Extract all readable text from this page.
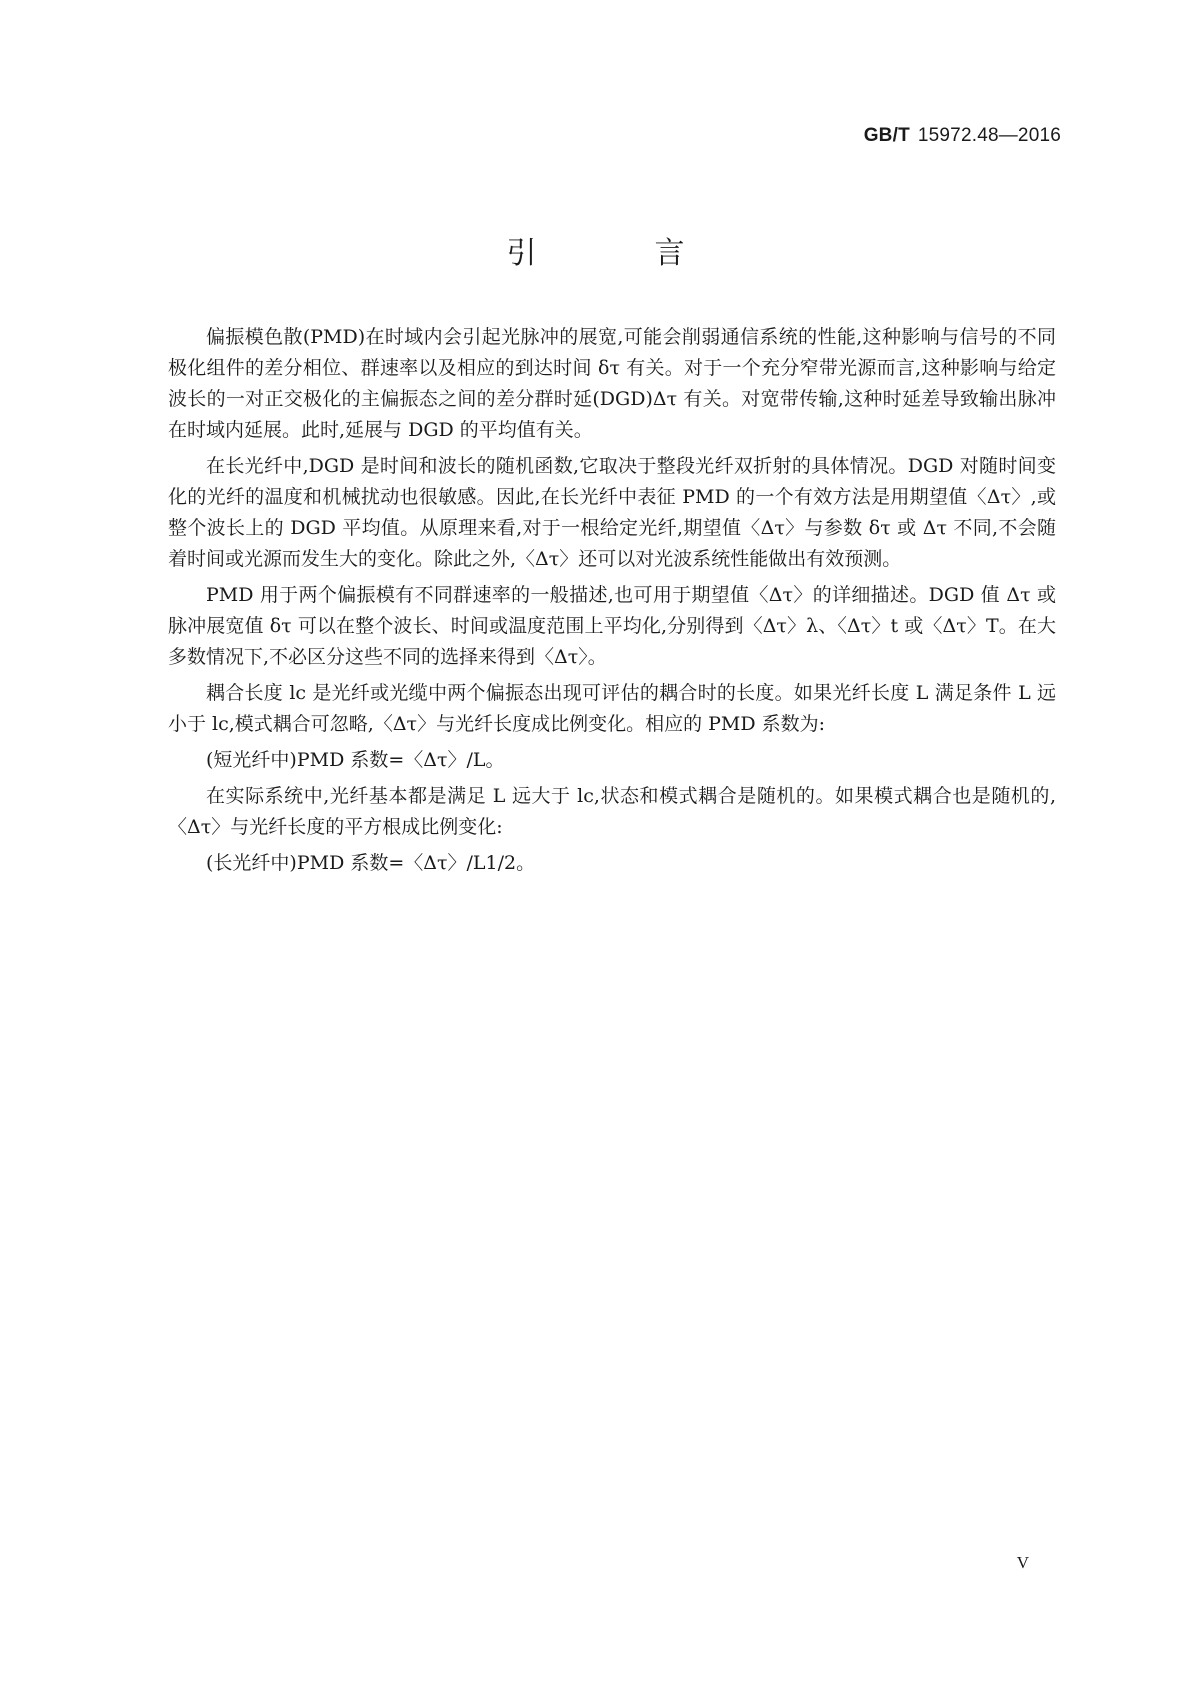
GB/T 15972.48—2016
引　言

偏振模色散(PMD)在时域内会引起光脉冲的展宽,可能会削弱通信系统的性能,这种影响与信号的不同极化组件的差分相位、群速率以及相应的到达时间 δτ 有关。对于一个充分窄带光源而言,这种影响与给定波长的一对正交极化的主偏振态之间的差分群时延(DGD)Δτ 有关。对宽带传输,这种时延差导致输出脉冲在时域内延展。此时,延展与 DGD 的平均值有关。

在长光纤中,DGD 是时间和波长的随机函数,它取决于整段光纤双折射的具体情况。DGD 对随时间变化的光纤的温度和机械扰动也很敏感。因此,在长光纤中表征 PMD 的一个有效方法是用期望值〈Δτ〉,或整个波长上的 DGD 平均值。从原理来看,对于一根给定光纤,期望值〈Δτ〉与参数 δτ 或 Δτ 不同,不会随着时间或光源而发生大的变化。除此之外,〈Δτ〉还可以对光波系统性能做出有效预测。

PMD 用于两个偏振模有不同群速率的一般描述,也可用于期望值〈Δτ〉的详细描述。DGD 值 Δτ 或脉冲展宽值 δτ 可以在整个波长、时间或温度范围上平均化,分别得到〈Δτ〉λ、〈Δτ〉t 或〈Δτ〉T。在大多数情况下,不必区分这些不同的选择来得到〈Δτ〉。

耦合长度 lc 是光纤或光缆中两个偏振态出现可评估的耦合时的长度。如果光纤长度 L 满足条件 L 远小于 lc,模式耦合可忽略,〈Δτ〉与光纤长度成比例变化。相应的 PMD 系数为:

(短光纤中)PMD 系数=〈Δτ〉/L。

在实际系统中,光纤基本都是满足 L 远大于 lc,状态和模式耦合是随机的。如果模式耦合也是随机的,〈Δτ〉与光纤长度的平方根成比例变化:

(长光纤中)PMD 系数=〈Δτ〉/L1/2。

V
